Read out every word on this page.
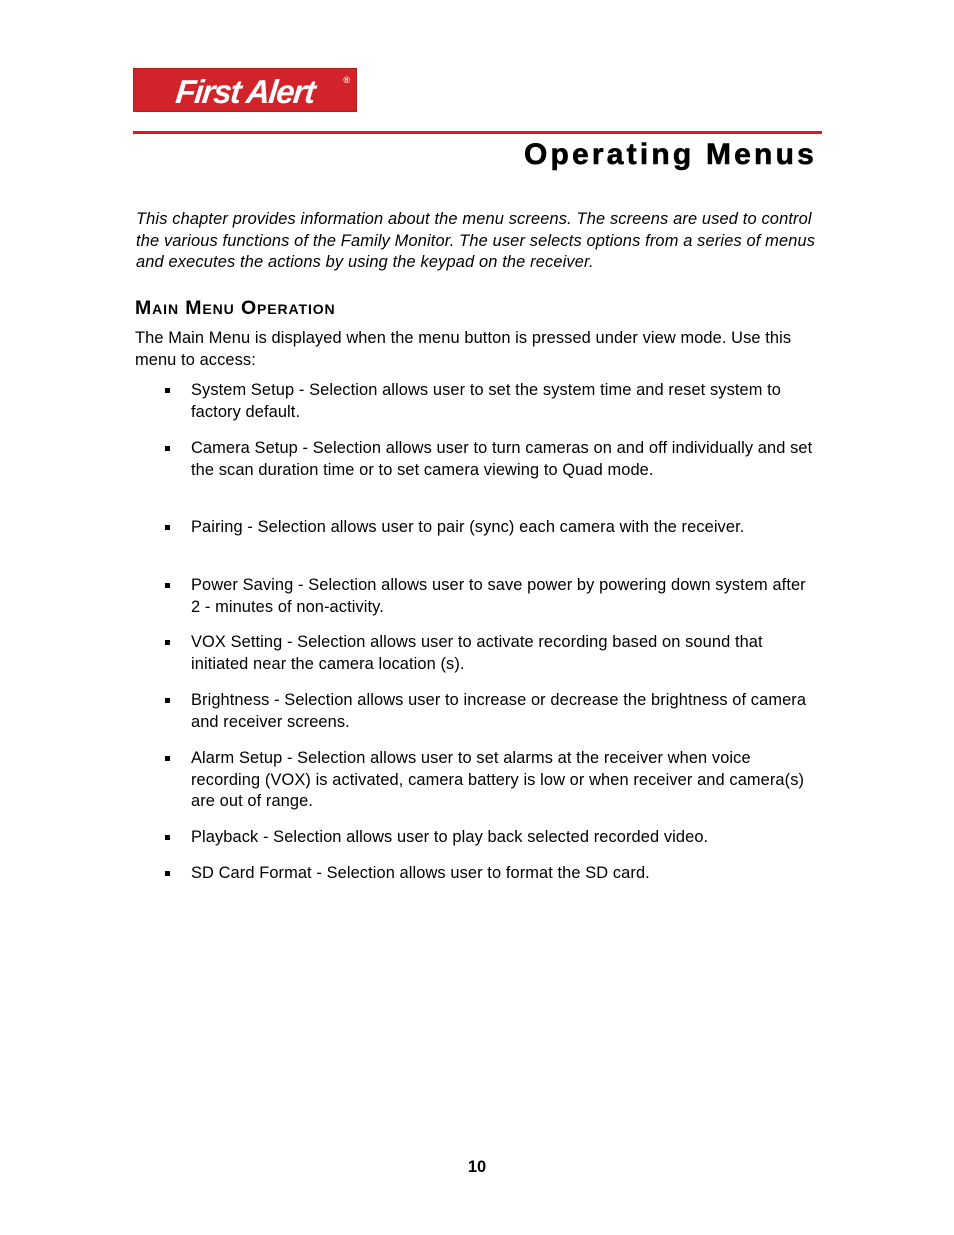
First Alert	®
Operating Menus

This chapter provides information about the menu screens. The screens are used to control the various functions of the Family Monitor. The user selects options from a series of menus and executes the actions by using the keypad on the receiver.

Main Menu Operation

The Main Menu is displayed when the menu button is pressed under view mode. Use this menu to access:

System Setup - Selection allows user to set the system time and reset system to factory default.
Camera Setup - Selection allows user to turn cameras on and off individually and set the scan duration time or to set camera viewing to Quad mode.
Pairing - Selection allows user to pair (sync) each camera with the receiver.
Power Saving - Selection allows user to save power by powering down system after 2 - minutes of non-activity.
VOX Setting - Selection allows user to activate recording based on sound that initiated near the camera location (s).
Brightness - Selection allows user to increase or decrease the brightness of camera and receiver screens.
Alarm Setup - Selection allows user to set alarms at the receiver when voice recording (VOX) is activated, camera battery is low or when receiver and camera(s) are out of range.
Playback - Selection allows user to play back selected recorded video.
SD Card Format - Selection allows user to format the SD card.
10
